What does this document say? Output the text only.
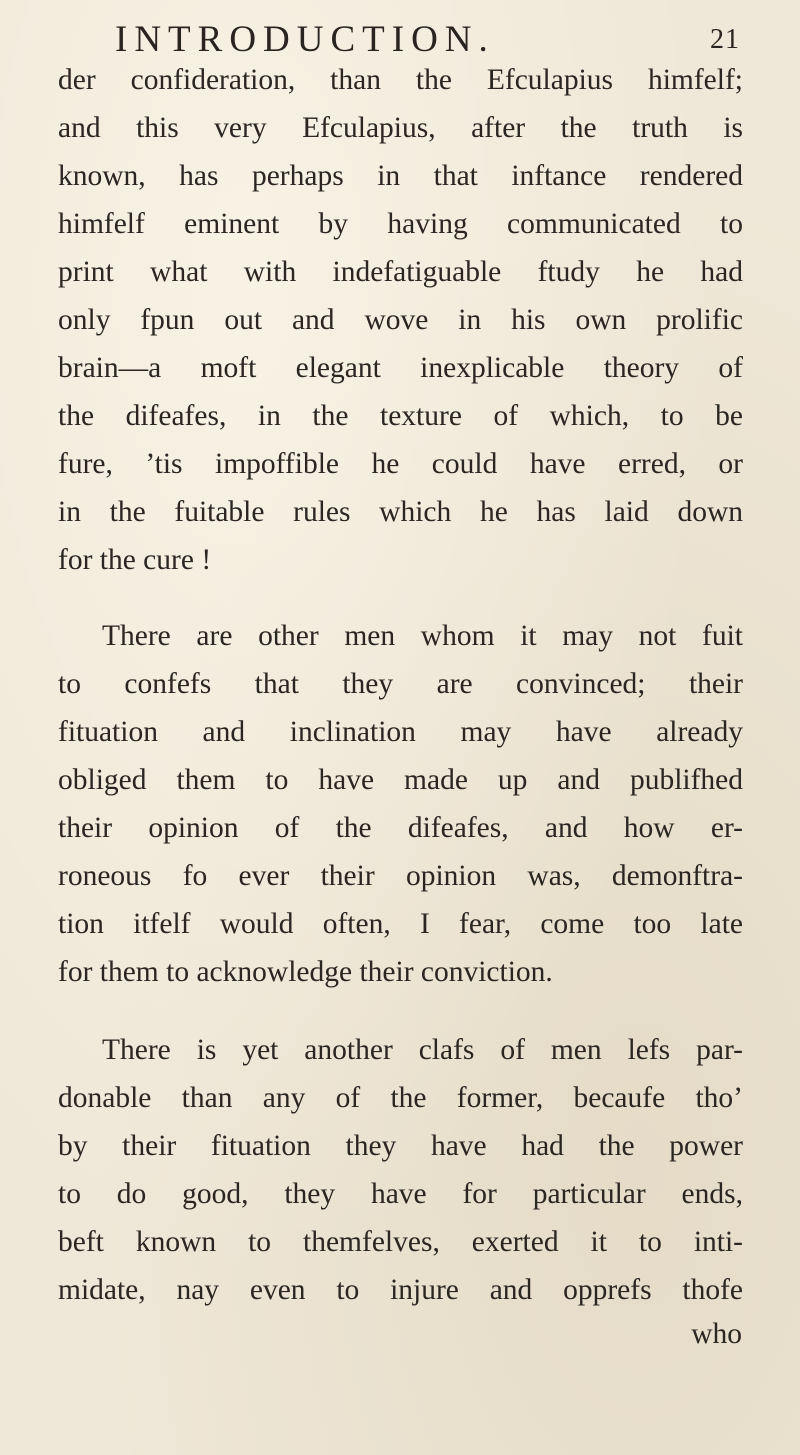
INTRODUCTION.	21
der confideration, than the Efculapius himfelf;
and this very Efculapius, after the truth is
known, has perhaps in that inftance rendered
himfelf eminent by having communicated to
print what with indefatiguable ftudy he had
only fpun out and wove in his own prolific
brain—a moft elegant inexplicable theory of
the difeafes, in the texture of which, to be
fure, ’tis impoffible he could have erred, or
in the fuitable rules which he has laid down
for the cure !
There are other men whom it may not fuit
to confefs that they are convinced; their
fituation and inclination may have already
obliged them to have made up and publifhed
their opinion of the difeafes, and how er-
roneous fo ever their opinion was, demonftra-
tion itfelf would often, I fear, come too late
for them to acknowledge their conviction.
There is yet another clafs of men lefs par-
donable than any of the former, becaufe tho’
by their fituation they have had the power
to do good, they have for particular ends,
beft known to themfelves, exerted it to inti-
midate, nay even to injure and opprefs thofe
who
